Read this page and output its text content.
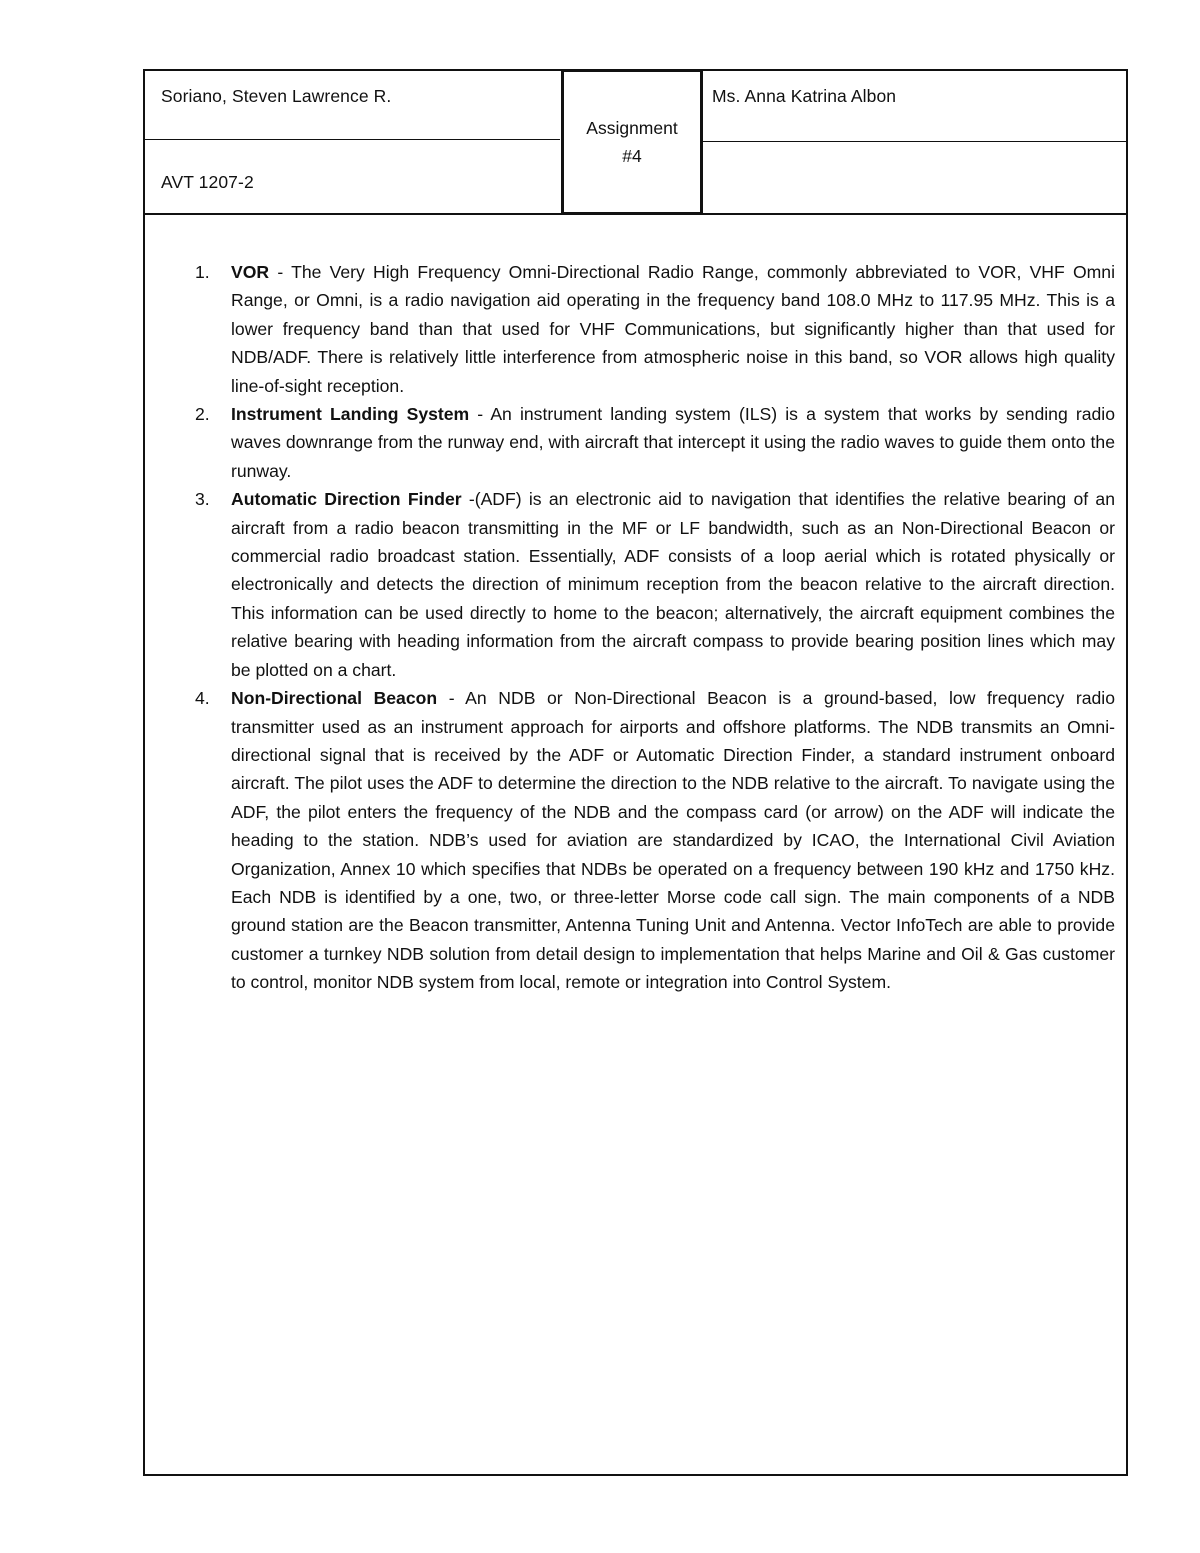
Soriano, Steven Lawrence R.
AVT 1207-2
Assignment
#4
Ms. Anna Katrina Albon
1. VOR - The Very High Frequency Omni-Directional Radio Range, commonly abbreviated to VOR, VHF Omni Range, or Omni, is a radio navigation aid operating in the frequency band 108.0 MHz to 117.95 MHz. This is a lower frequency band than that used for VHF Communications, but significantly higher than that used for NDB/ADF. There is relatively little interference from atmospheric noise in this band, so VOR allows high quality line-of-sight reception.
2. Instrument Landing System - An instrument landing system (ILS) is a system that works by sending radio waves downrange from the runway end, with aircraft that intercept it using the radio waves to guide them onto the runway.
3. Automatic Direction Finder -(ADF) is an electronic aid to navigation that identifies the relative bearing of an aircraft from a radio beacon transmitting in the MF or LF bandwidth, such as an Non-Directional Beacon or commercial radio broadcast station. Essentially, ADF consists of a loop aerial which is rotated physically or electronically and detects the direction of minimum reception from the beacon relative to the aircraft direction. This information can be used directly to home to the beacon; alternatively, the aircraft equipment combines the relative bearing with heading information from the aircraft compass to provide bearing position lines which may be plotted on a chart.
4. Non-Directional Beacon - An NDB or Non-Directional Beacon is a ground-based, low frequency radio transmitter used as an instrument approach for airports and offshore platforms. The NDB transmits an Omni-directional signal that is received by the ADF or Automatic Direction Finder, a standard instrument onboard aircraft. The pilot uses the ADF to determine the direction to the NDB relative to the aircraft. To navigate using the ADF, the pilot enters the frequency of the NDB and the compass card (or arrow) on the ADF will indicate the heading to the station. NDB’s used for aviation are standardized by ICAO, the International Civil Aviation Organization, Annex 10 which specifies that NDBs be operated on a frequency between 190 kHz and 1750 kHz. Each NDB is identified by a one, two, or three-letter Morse code call sign. The main components of a NDB ground station are the Beacon transmitter, Antenna Tuning Unit and Antenna. Vector InfoTech are able to provide customer a turnkey NDB solution from detail design to implementation that helps Marine and Oil & Gas customer to control, monitor NDB system from local, remote or integration into Control System.
